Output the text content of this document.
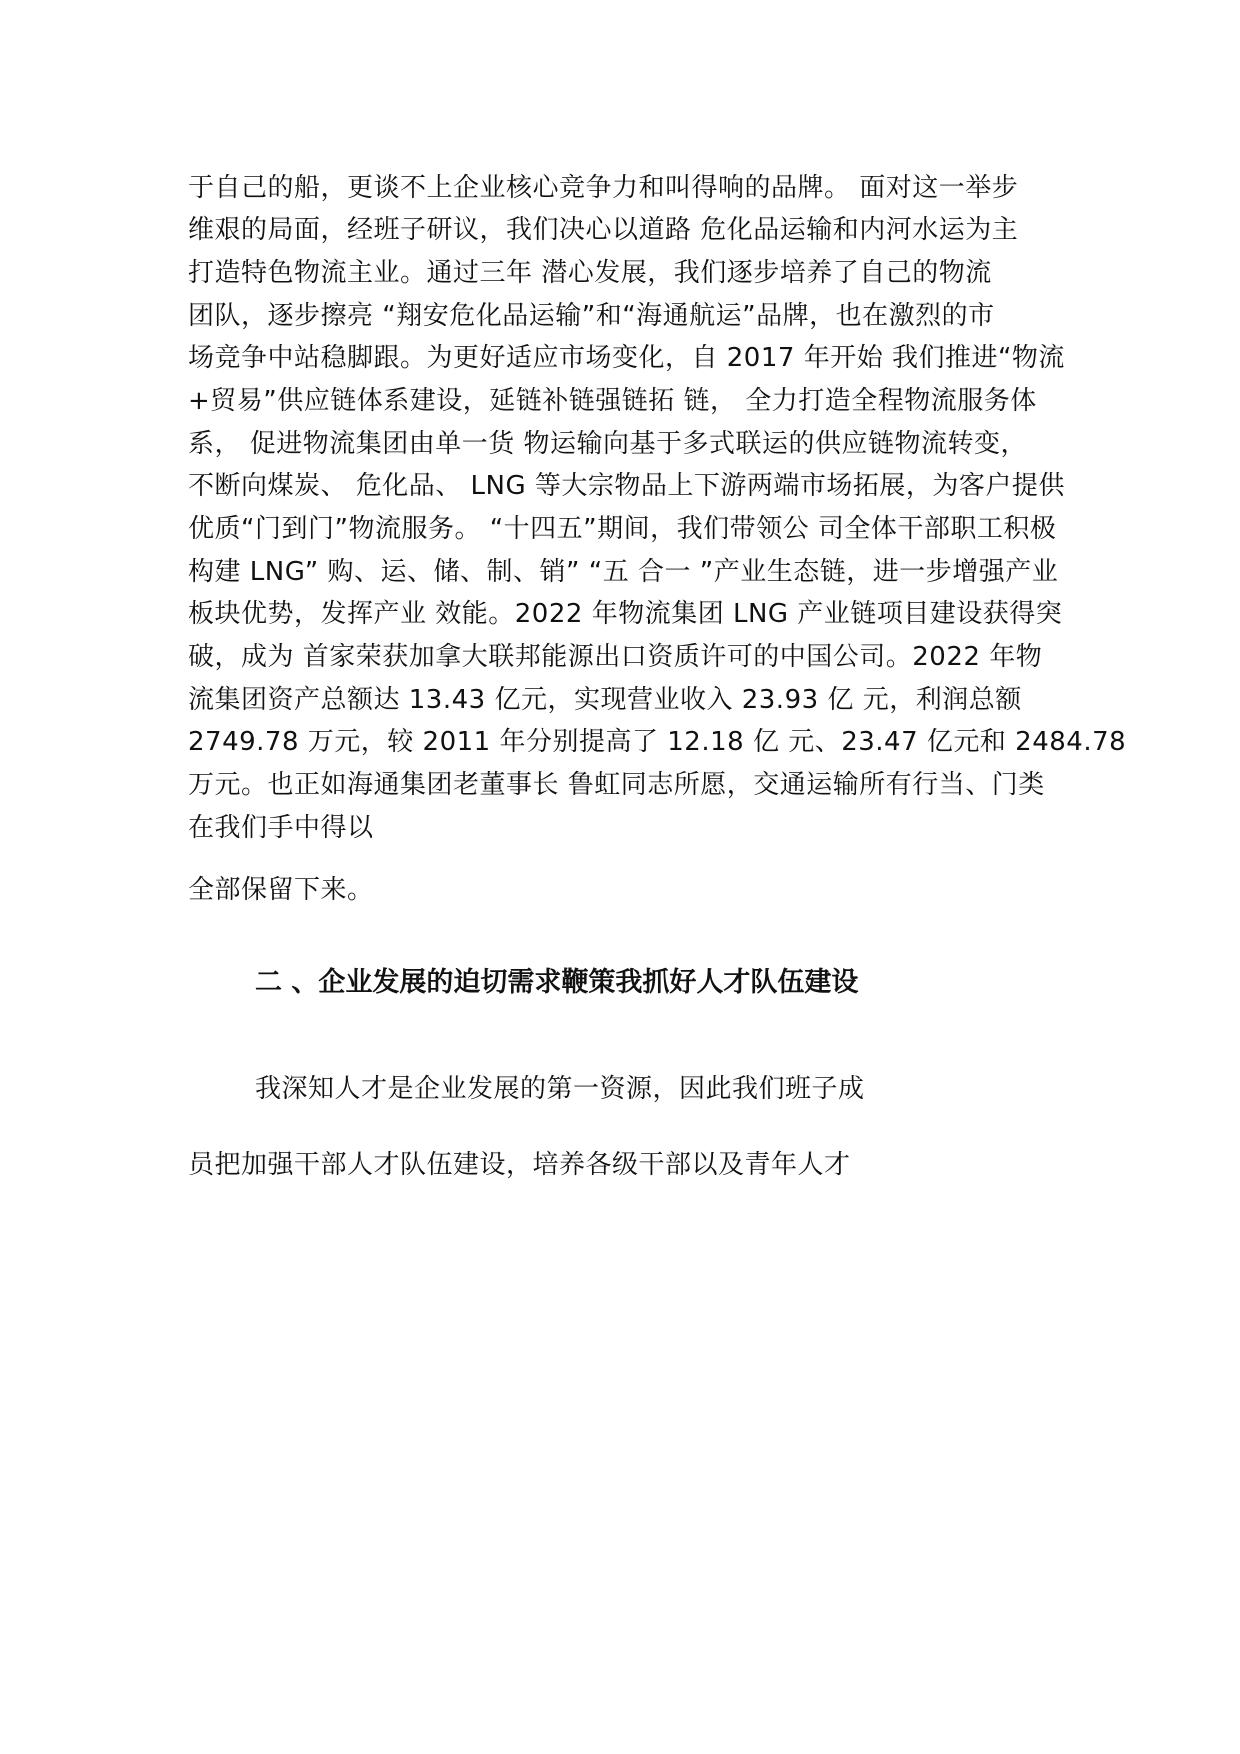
于自己的船，更谈不上企业核心竞争力和叫得响的品牌。 面对这一举步
维艰的局面，经班子研议，我们决心以道路 危化品运输和内河水运为主
打造特色物流主业。通过三年 潜心发展，我们逐步培养了自己的物流
团队，逐步擦亮 “翔安危化品运输”和“海通航运”品牌，也在激烈的市
场竞争中站稳脚跟。为更好适应市场变化，自 2017 年开始 我们推进“物流
+贸易”供应链体系建设，延链补链强链拓 链， 全力打造全程物流服务体
系， 促进物流集团由单一货 物运输向基于多式联运的供应链物流转变，
不断向煤炭、 危化品、 LNG 等大宗物品上下游两端市场拓展，为客户提供
优质“门到门”物流服务。 “十四五”期间，我们带领公 司全体干部职工积极
构建 LNG” 购、运、储、制、销” “五 合一 ”产业生态链，进一步增强产业
板块优势，发挥产业 效能。2022 年物流集团 LNG 产业链项目建设获得突
破，成为 首家荣获加拿大联邦能源出口资质许可的中国公司。2022 年物
流集团资产总额达 13.43 亿元，实现营业收入 23.93 亿 元，利润总额
2749.78 万元，较 2011 年分别提高了 12.18 亿 元、23.47 亿元和 2484.78
万元。也正如海通集团老董事长 鲁虹同志所愿，交通运输所有行当、门类
在我们手中得以
全部保留下来。
二 、企业发展的迫切需求鞭策我抓好人才队伍建设
我深知人才是企业发展的第一资源，因此我们班子成
员把加强干部人才队伍建设，培养各级干部以及青年人才
